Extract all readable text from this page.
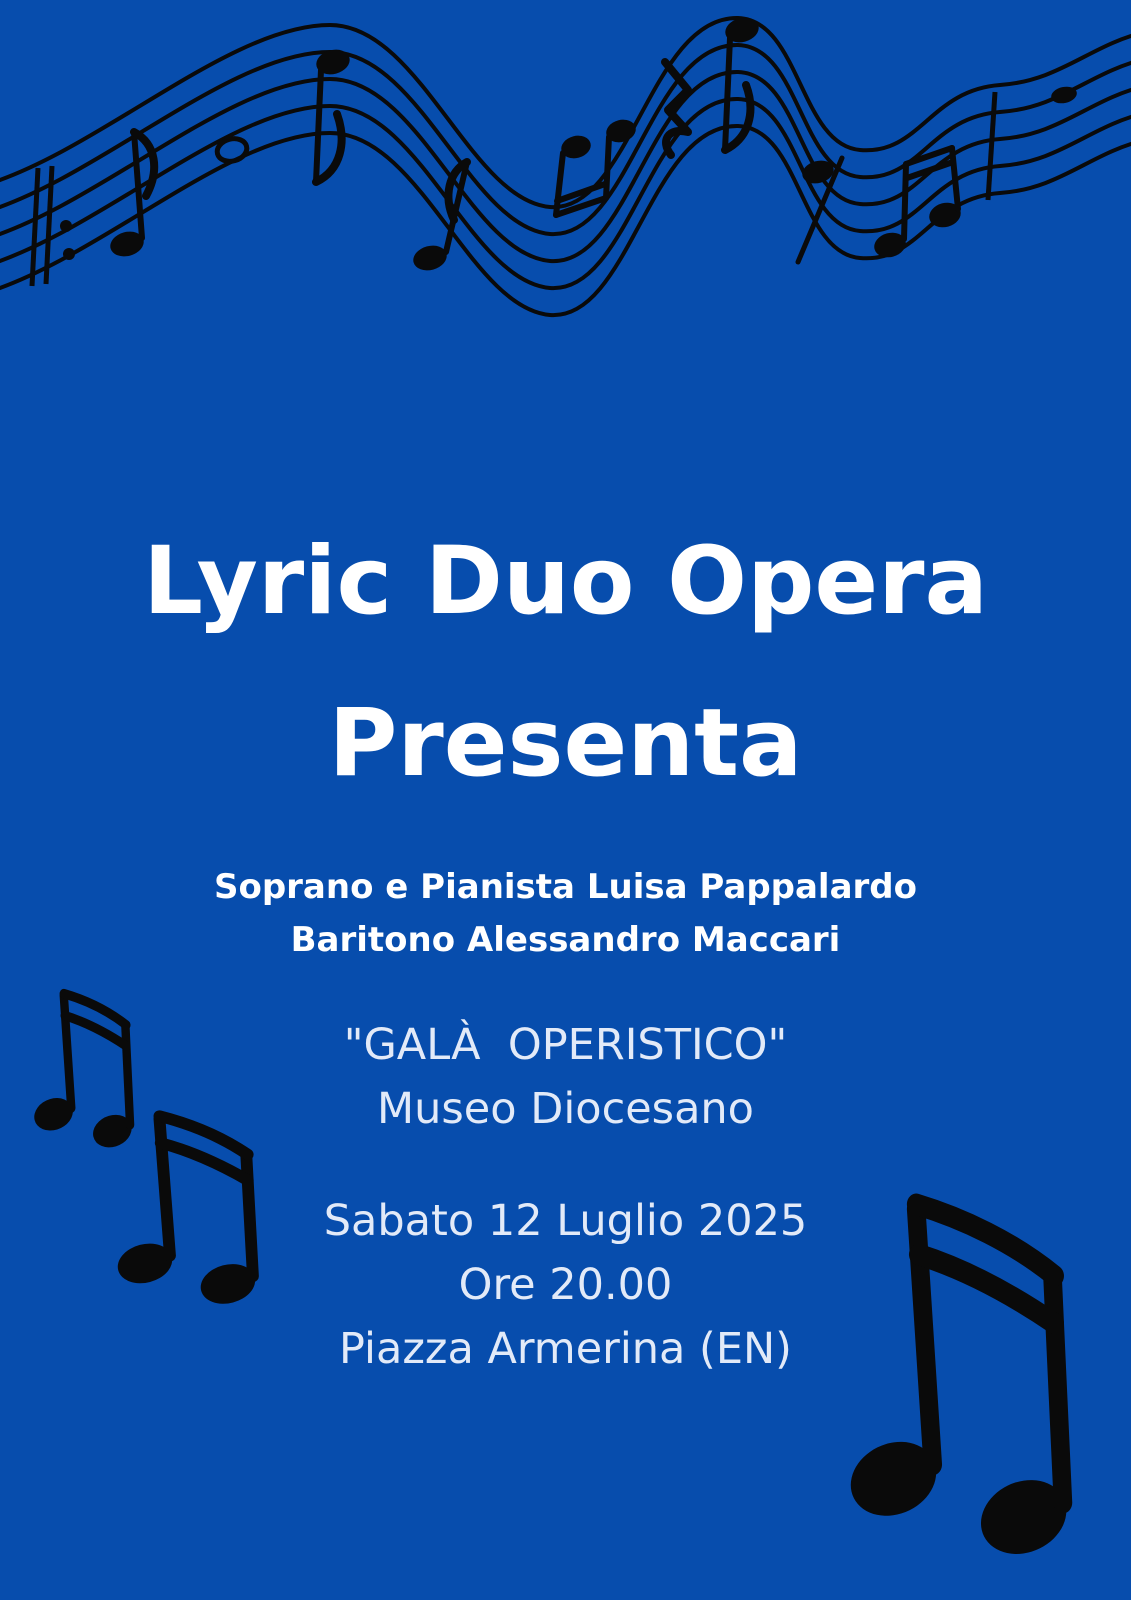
Lyric Duo Opera
Presenta
Soprano e Pianista Luisa Pappalardo
Baritono Alessandro Maccari
"GALÀ  OPERISTICO"
Museo Diocesano
Sabato 12 Luglio 2025
Ore 20.00
Piazza Armerina (EN)
